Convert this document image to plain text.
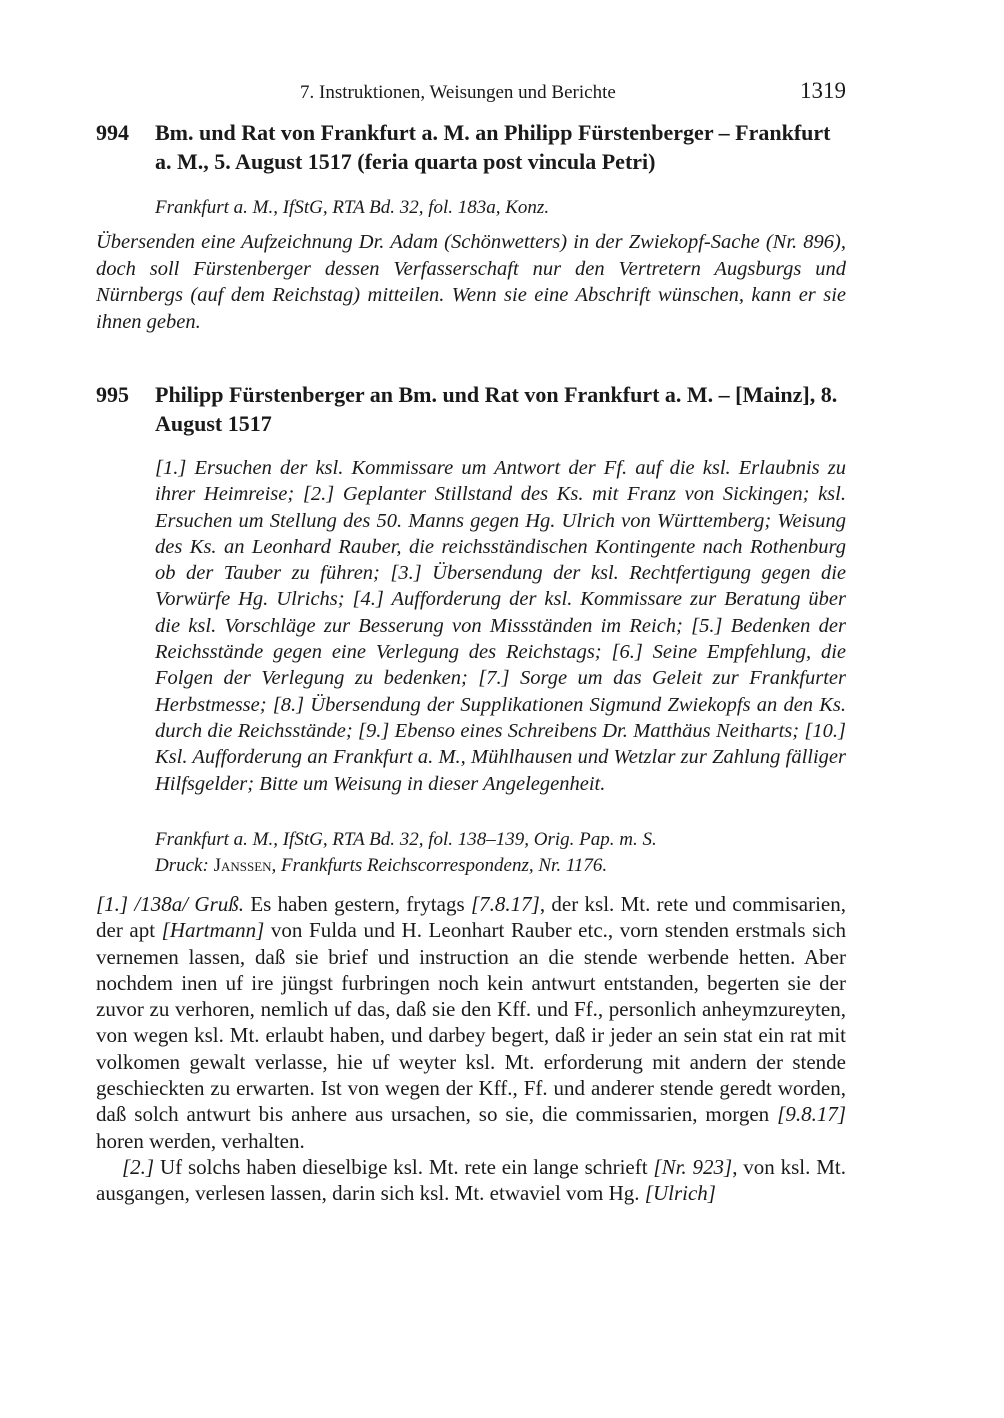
7. Instruktionen, Weisungen und Berichte	1319
994 Bm. und Rat von Frankfurt a. M. an Philipp Fürstenberger – Frankfurt a. M., 5. August 1517 (feria quarta post vincula Petri)
Frankfurt a. M., IfStG, RTA Bd. 32, fol. 183a, Konz.
Übersenden eine Aufzeichnung Dr. Adam (Schönwetters) in der Zwiekopf-Sache (Nr. 896), doch soll Fürstenberger dessen Verfasserschaft nur den Vertretern Augsburgs und Nürnbergs (auf dem Reichstag) mitteilen. Wenn sie eine Abschrift wünschen, kann er sie ihnen geben.
995 Philipp Fürstenberger an Bm. und Rat von Frankfurt a. M. – [Mainz], 8. August 1517
[1.] Ersuchen der ksl. Kommissare um Antwort der Ff. auf die ksl. Erlaubnis zu ihrer Heimreise; [2.] Geplanter Stillstand des Ks. mit Franz von Sickingen; ksl. Ersuchen um Stellung des 50. Manns gegen Hg. Ulrich von Württemberg; Weisung des Ks. an Leonhard Rauber, die reichsständischen Kontingente nach Rothenburg ob der Tauber zu führen; [3.] Übersendung der ksl. Rechtfertigung gegen die Vorwürfe Hg. Ulrichs; [4.] Aufforderung der ksl. Kommissare zur Beratung über die ksl. Vorschläge zur Besserung von Missständen im Reich; [5.] Bedenken der Reichsstände gegen eine Verlegung des Reichstags; [6.] Seine Empfehlung, die Folgen der Verlegung zu bedenken; [7.] Sorge um das Geleit zur Frankfurter Herbstmesse; [8.] Übersendung der Supplikationen Sigmund Zwiekopfs an den Ks. durch die Reichsstände; [9.] Ebenso eines Schreibens Dr. Matthäus Neitharts; [10.] Ksl. Aufforderung an Frankfurt a. M., Mühlhausen und Wetzlar zur Zahlung fälliger Hilfsgelder; Bitte um Weisung in dieser Angelegenheit.
Frankfurt a. M., IfStG, RTA Bd. 32, fol. 138–139, Orig. Pap. m. S.
Druck: Janssen, Frankfurts Reichscorrespondenz, Nr. 1176.

[1.] /138a/ Gruß. Es haben gestern, frytags [7.8.17], der ksl. Mt. rete und commisarien, der apt [Hartmann] von Fulda und H. Leonhart Rauber etc., vorn stenden erstmals sich vernemen lassen, daß sie brief und instruction an die stende werbende hetten. Aber nochdem inen uf ire jüngst furbringen noch kein antwurt entstanden, begerten sie der zuvor zu verhoren, nemlich uf das, daß sie den Kff. und Ff., personlich anheymzureyten, von wegen ksl. Mt. erlaubt haben, und darbey begert, daß ir jeder an sein stat ein rat mit volkomen gewalt verlasse, hie uf weyter ksl. Mt. erforderung mit andern der stende geschieckten zu erwarten. Ist von wegen der Kff., Ff. und anderer stende geredt worden, daß solch antwurt bis anhere aus ursachen, so sie, die commissarien, morgen [9.8.17] horen werden, verhalten.

[2.] Uf solchs haben dieselbige ksl. Mt. rete ein lange schrieft [Nr. 923], von ksl. Mt. ausgangen, verlesen lassen, darin sich ksl. Mt. etwaviel vom Hg. [Ulrich]
